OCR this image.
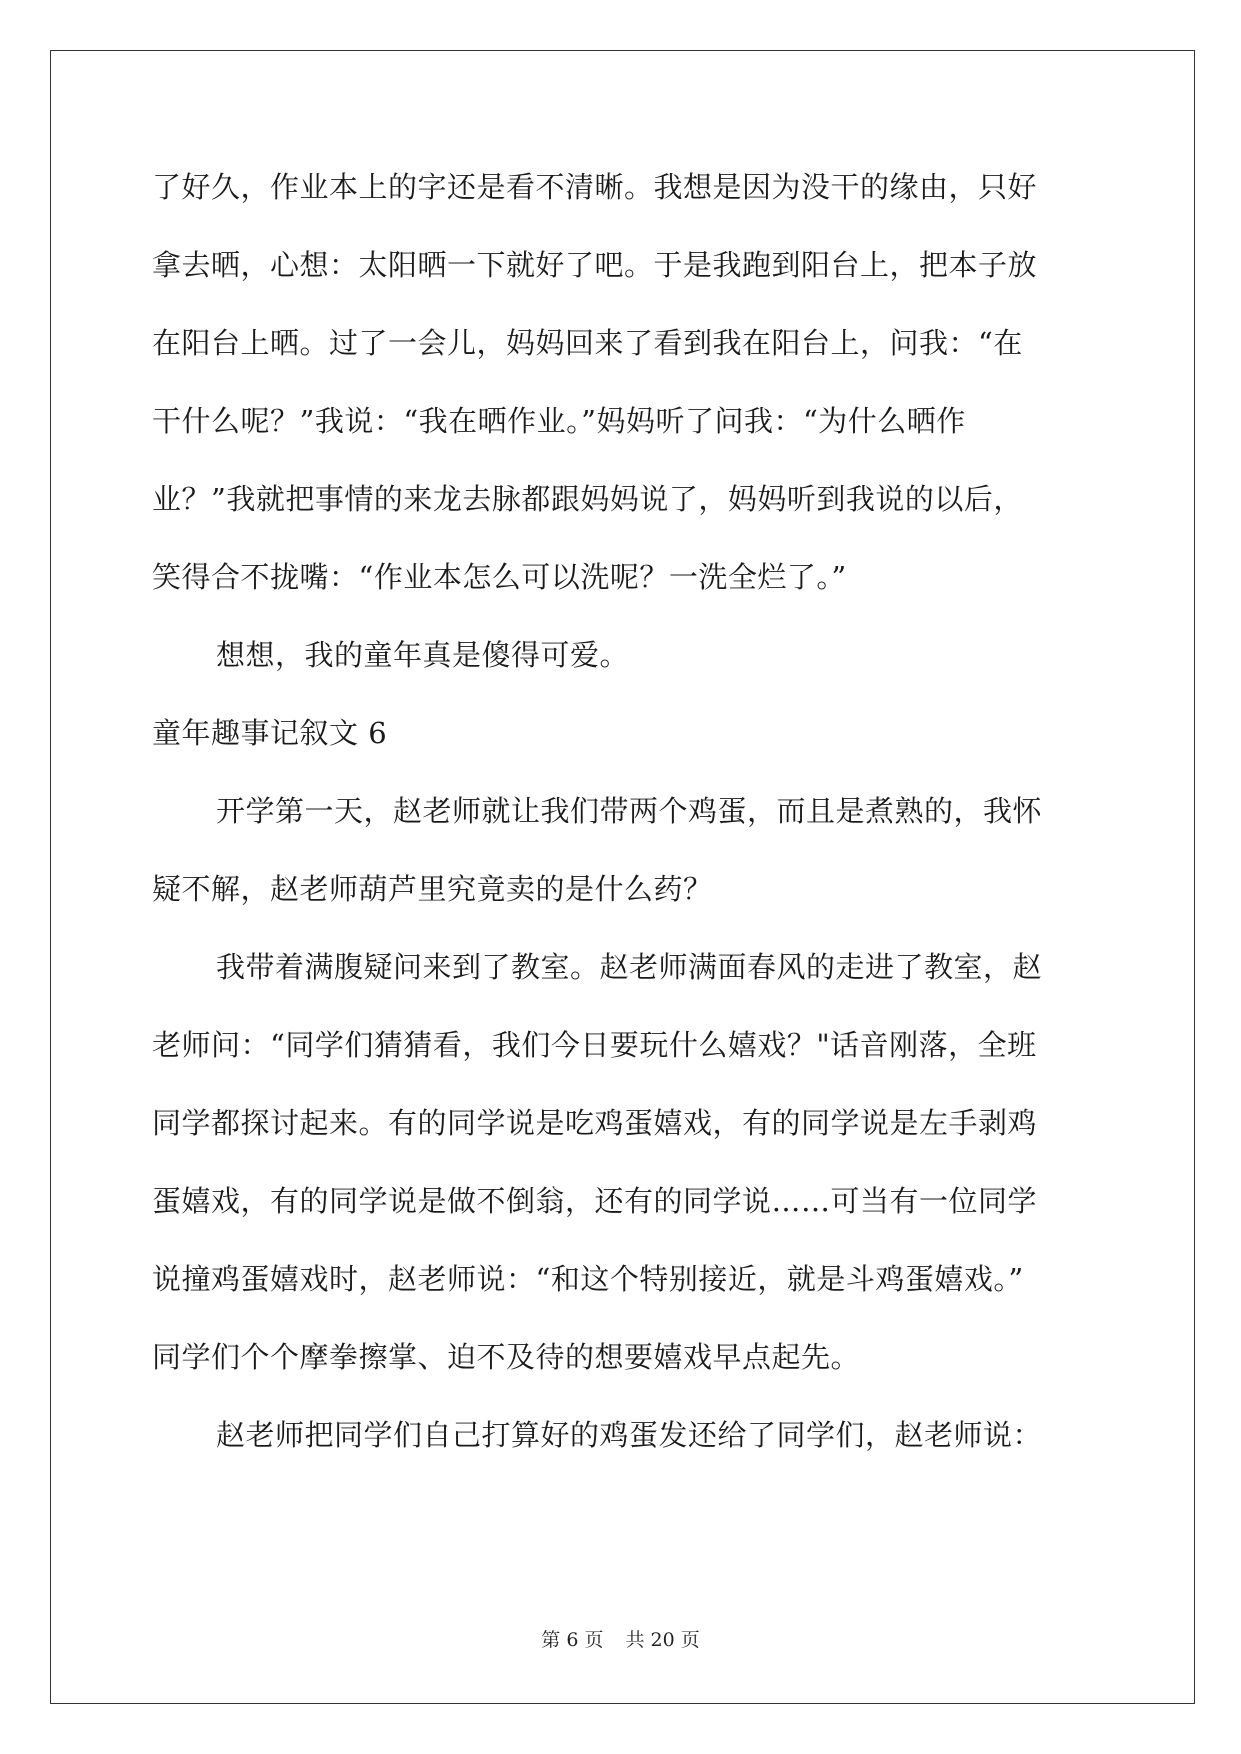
了好久，作业本上的字还是看不清晰。我想是因为没干的缘由，只好
拿去晒，心想：太阳晒一下就好了吧。于是我跑到阳台上，把本子放
在阳台上晒。过了一会儿，妈妈回来了看到我在阳台上，问我：“在
干什么呢？”我说：“我在晒作业。”妈妈听了问我：“为什么晒作
业？”我就把事情的来龙去脉都跟妈妈说了，妈妈听到我说的以后，
笑得合不拢嘴：“作业本怎么可以洗呢？一洗全烂了。”
想想，我的童年真是傻得可爱。
童年趣事记叙文 6
开学第一天，赵老师就让我们带两个鸡蛋，而且是煮熟的，我怀
疑不解，赵老师葫芦里究竟卖的是什么药？
我带着满腹疑问来到了教室。赵老师满面春风的走进了教室，赵
老师问：“同学们猜猜看，我们今日要玩什么嬉戏？"话音刚落，全班
同学都探讨起来。有的同学说是吃鸡蛋嬉戏，有的同学说是左手剥鸡
蛋嬉戏，有的同学说是做不倒翁，还有的同学说……可当有一位同学
说撞鸡蛋嬉戏时，赵老师说：“和这个特别接近，就是斗鸡蛋嬉戏。”
同学们个个摩拳擦掌、迫不及待的想要嬉戏早点起先。
赵老师把同学们自己打算好的鸡蛋发还给了同学们，赵老师说：
第 6 页 共 20 页
